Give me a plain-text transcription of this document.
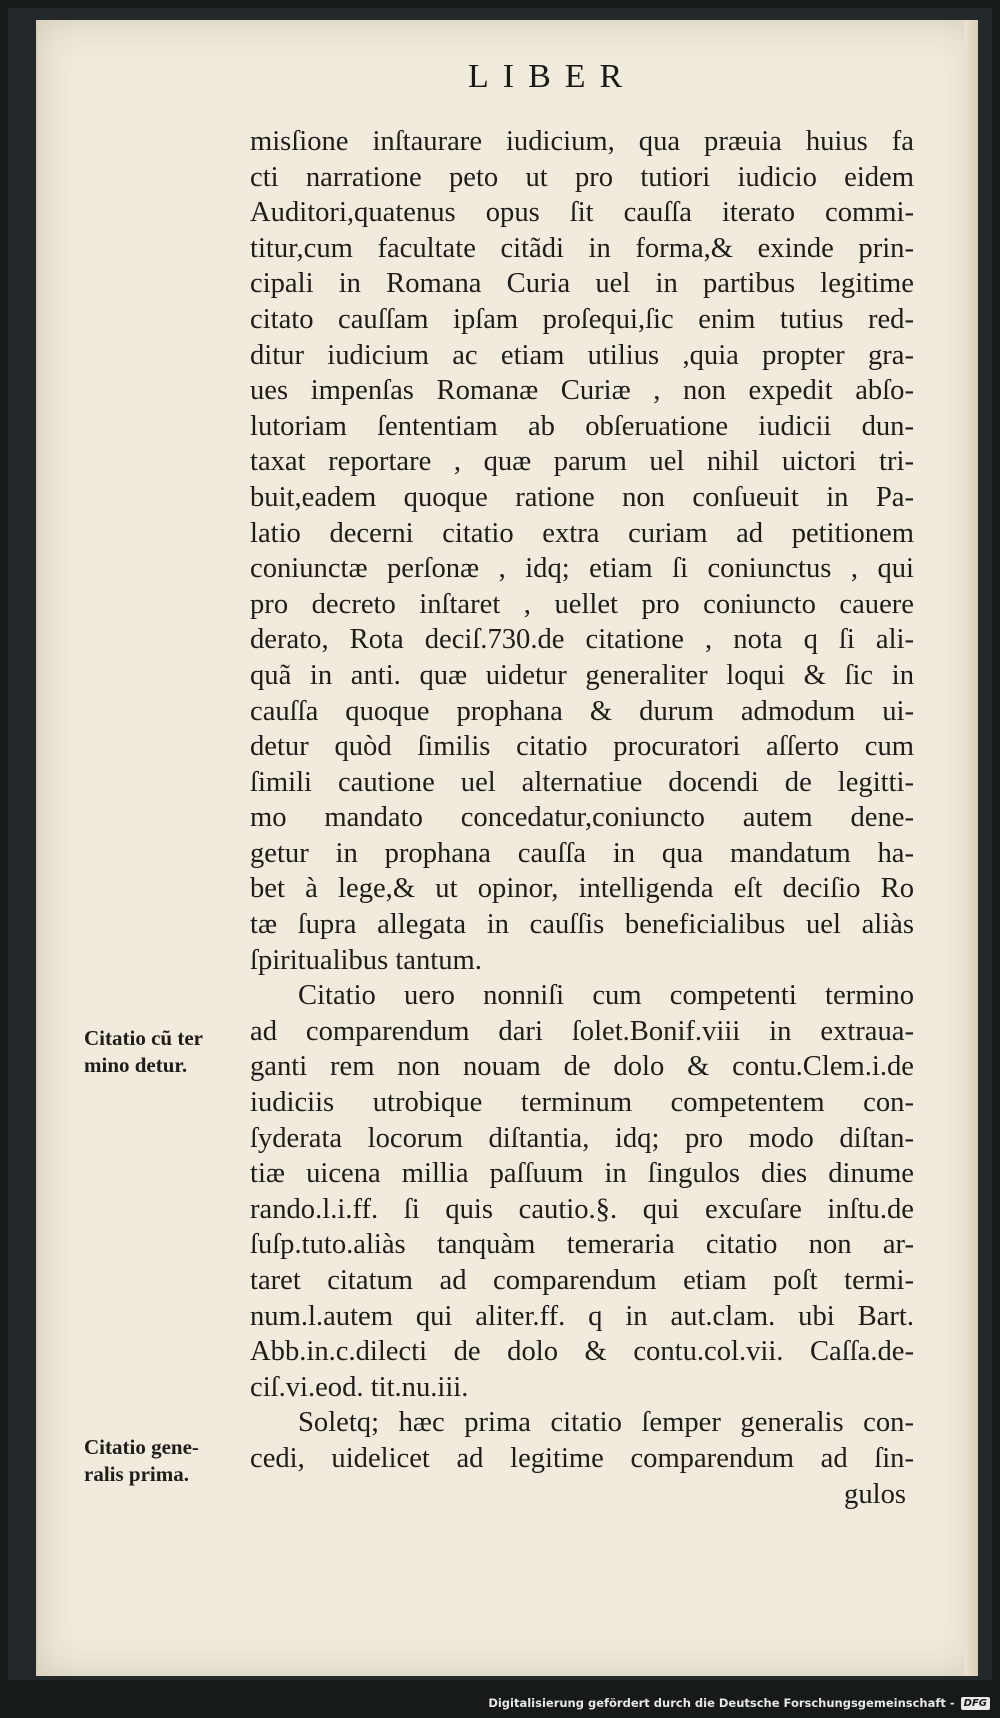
LIBER
misſione inſtaurare iudicium, qua præuia huius fa
cti narratione peto ut pro tutiori iudicio eidem
Auditori,quatenus opus ſit cauſſa iterato commi-
titur,cum facultate citãdi in forma,& exinde prin-
cipali in Romana Curia uel in partibus legitime
citato cauſſam ipſam proſequi,ſic enim tutius red-
ditur iudicium ac etiam utilius ,quia propter gra-
ues impenſas Romanæ Curiæ , non expedit abſo-
lutoriam ſententiam ab obſeruatione iudicii dun-
taxat reportare , quæ parum uel nihil uictori tri-
buit,eadem quoque ratione non conſueuit in Pa-
latio decerni citatio extra curiam ad petitionem
coniunctæ perſonæ , idq; etiam ſi coniunctus , qui
pro decreto inſtaret , uellet pro coniuncto cauere
derato, Rota deciſ.730.de citatione , nota q ſi ali-
quã in anti. quæ uidetur generaliter loqui & ſic in
cauſſa quoque prophana & durum admodum ui-
detur quòd ſimilis citatio procuratori aſſerto cum
ſimili cautione uel alternatiue docendi de legitti-
mo mandato concedatur,coniuncto autem dene-
getur in prophana cauſſa in qua mandatum ha-
bet à lege,& ut opinor, intelligenda eſt deciſio Ro
tæ ſupra allegata in cauſſis beneficialibus uel aliàs
ſpiritualibus tantum.
Citatio uero nonniſi cum competenti termino
ad comparendum dari ſolet.Bonif.viii in extraua-
ganti rem non nouam de dolo & contu.Clem.i.de
iudiciis utrobique terminum competentem con-
ſyderata locorum diſtantia, idq; pro modo diſtan-
tiæ uicena millia paſſuum in ſingulos dies dinume
rando.l.i.ff. ſi quis cautio.§. qui excuſare inſtu.de
ſuſp.tuto.aliàs tanquàm temeraria citatio non ar-
taret citatum ad comparendum etiam poſt termi-
num.l.autem qui aliter.ff. q in aut.clam. ubi Bart.
Abb.in.c.dilecti de dolo & contu.col.vii. Caſſa.de-
ciſ.vi.eod. tit.nu.iii.
Soletq; hæc prima citatio ſemper generalis con-
cedi, uidelicet ad legitime comparendum ad ſin-
gulos
Citatio cũ ter
mino detur.
Citatio gene-
ralis prima.
Digitalisierung gefördert durch die Deutsche Forschungsgemeinschaft - DFG
